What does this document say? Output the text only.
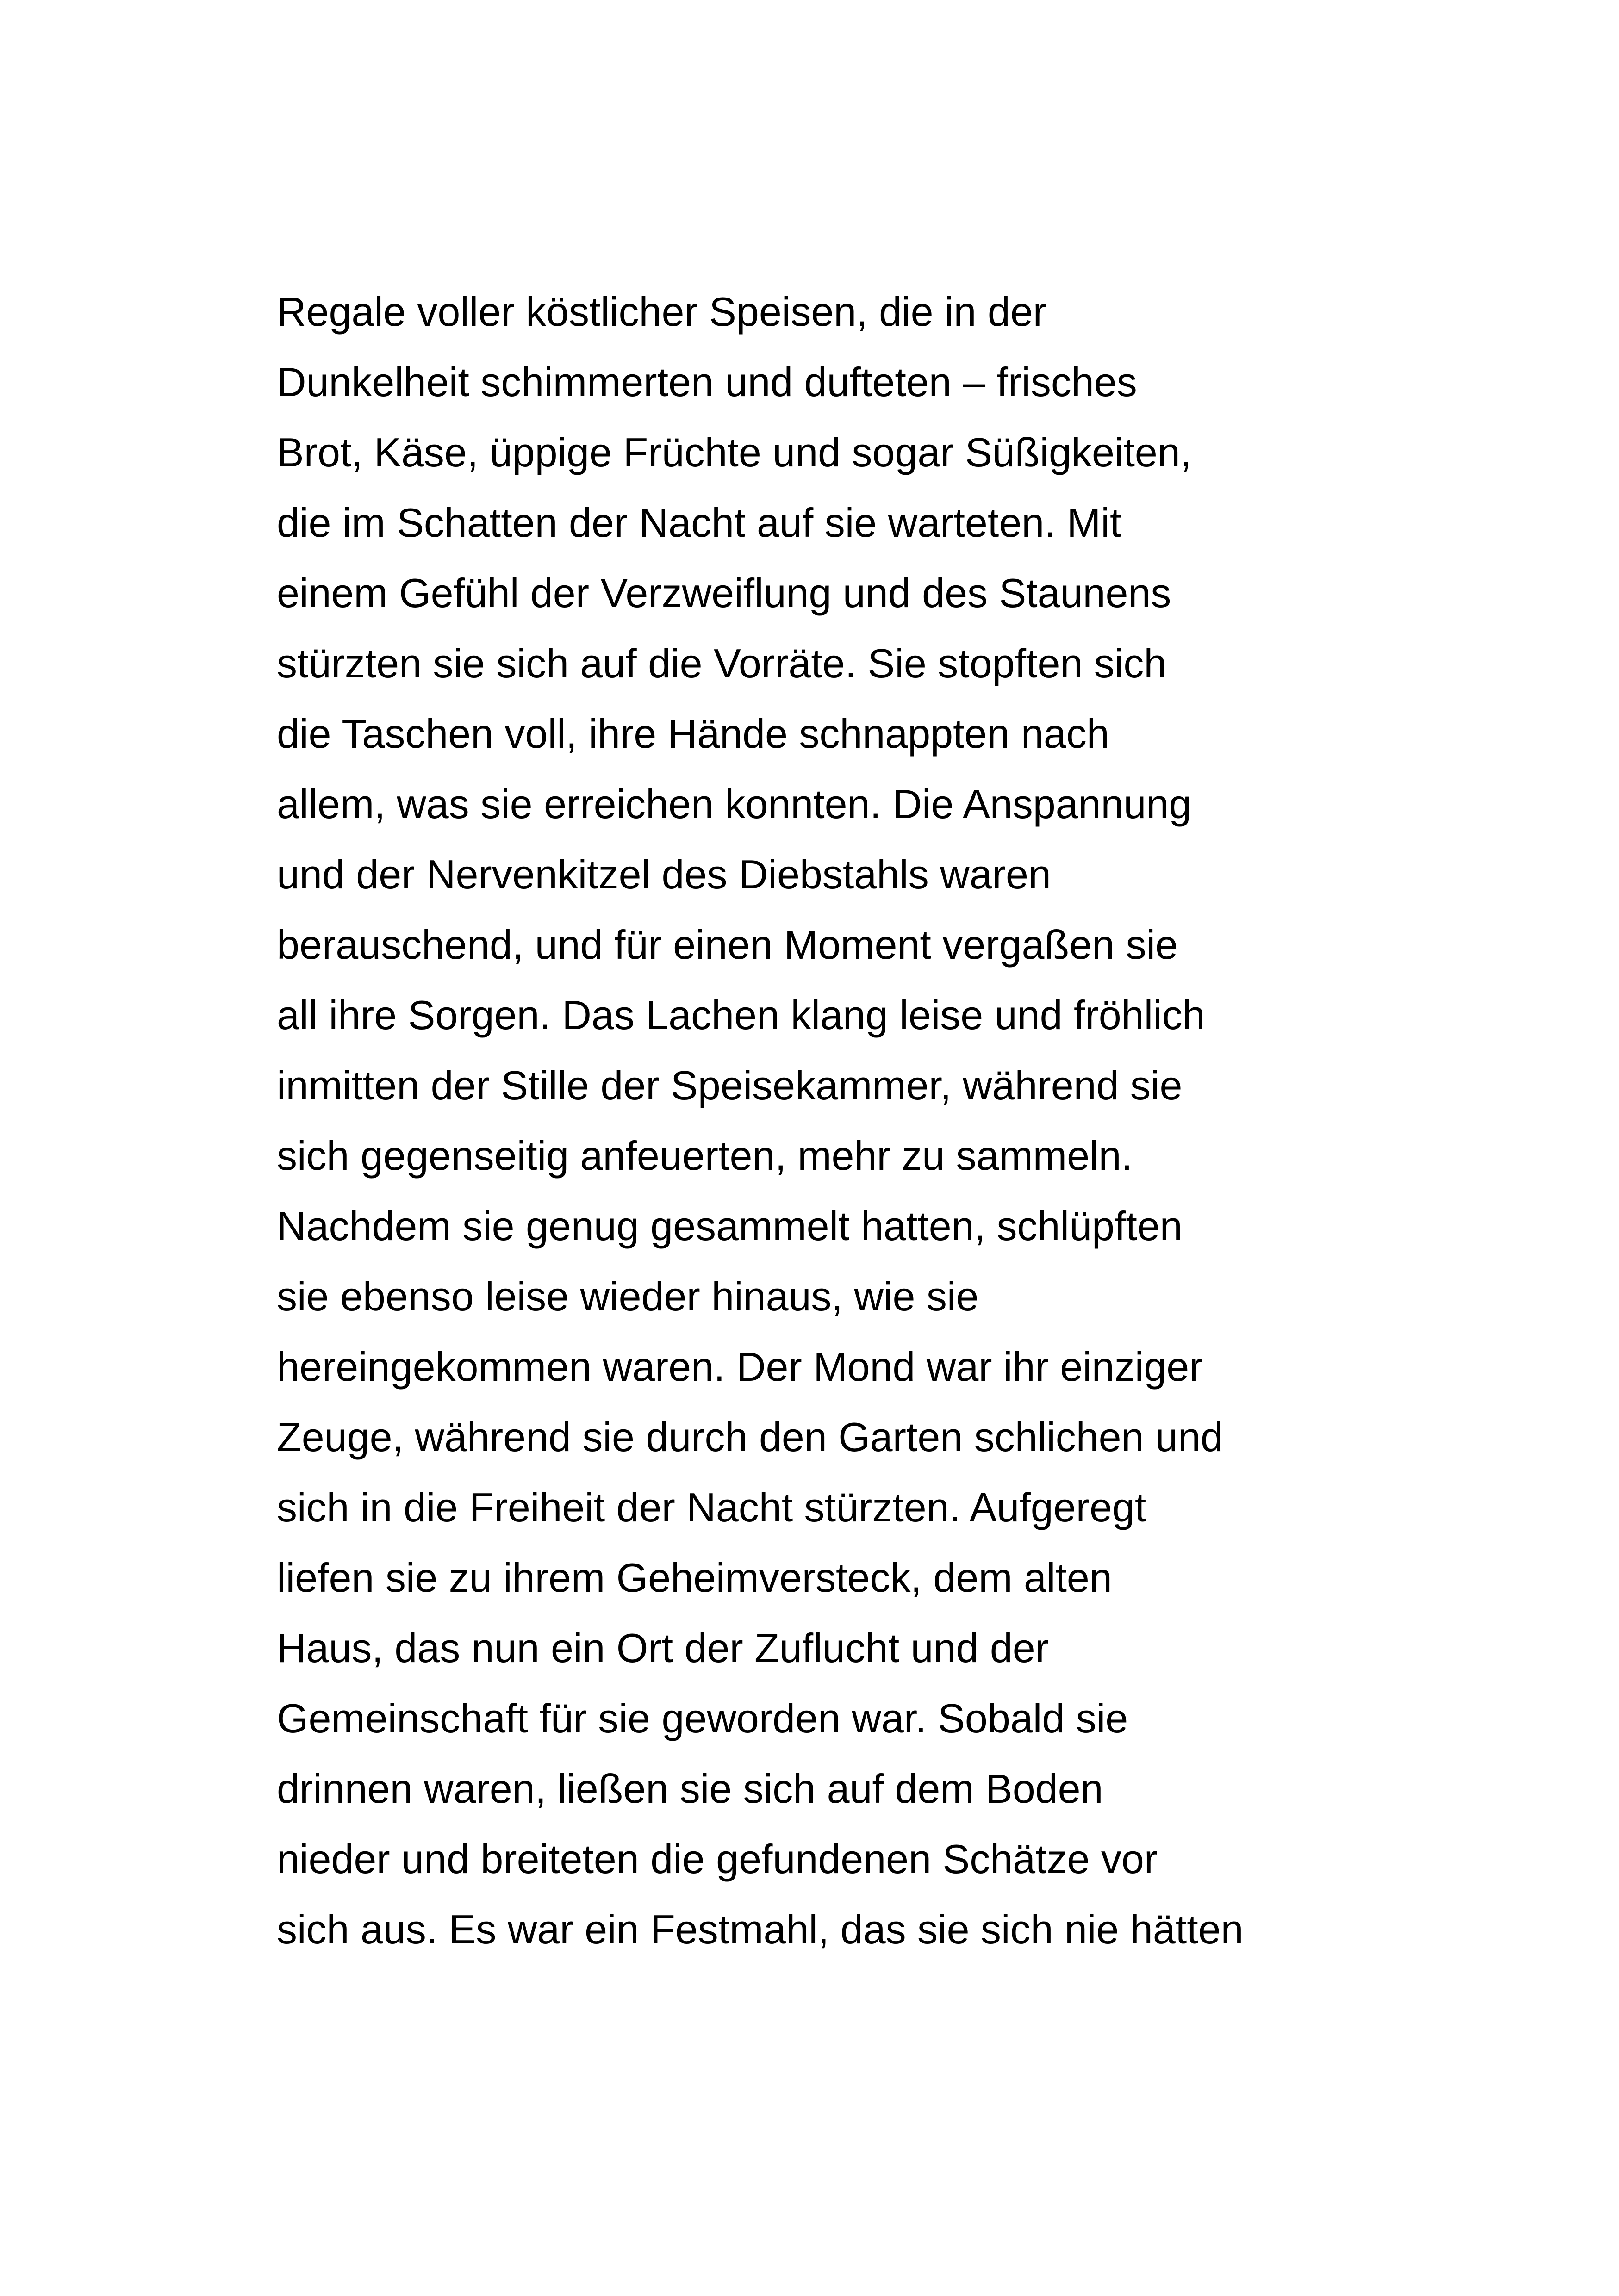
Regale voller köstlicher Speisen, die in der
Dunkelheit schimmerten und dufteten – frisches
Brot, Käse, üppige Früchte und sogar Süßigkeiten,
die im Schatten der Nacht auf sie warteten. Mit
einem Gefühl der Verzweiflung und des Staunens
stürzten sie sich auf die Vorräte. Sie stopften sich
die Taschen voll, ihre Hände schnappten nach
allem, was sie erreichen konnten. Die Anspannung
und der Nervenkitzel des Diebstahls waren
berauschend, und für einen Moment vergaßen sie
all ihre Sorgen. Das Lachen klang leise und fröhlich
inmitten der Stille der Speisekammer, während sie
sich gegenseitig anfeuerten, mehr zu sammeln.
Nachdem sie genug gesammelt hatten, schlüpften
sie ebenso leise wieder hinaus, wie sie
hereingekommen waren. Der Mond war ihr einziger
Zeuge, während sie durch den Garten schlichen und
sich in die Freiheit der Nacht stürzten. Aufgeregt
liefen sie zu ihrem Geheimversteck, dem alten
Haus, das nun ein Ort der Zuflucht und der
Gemeinschaft für sie geworden war. Sobald sie
drinnen waren, ließen sie sich auf dem Boden
nieder und breiteten die gefundenen Schätze vor
sich aus. Es war ein Festmahl, das sie sich nie hätten
